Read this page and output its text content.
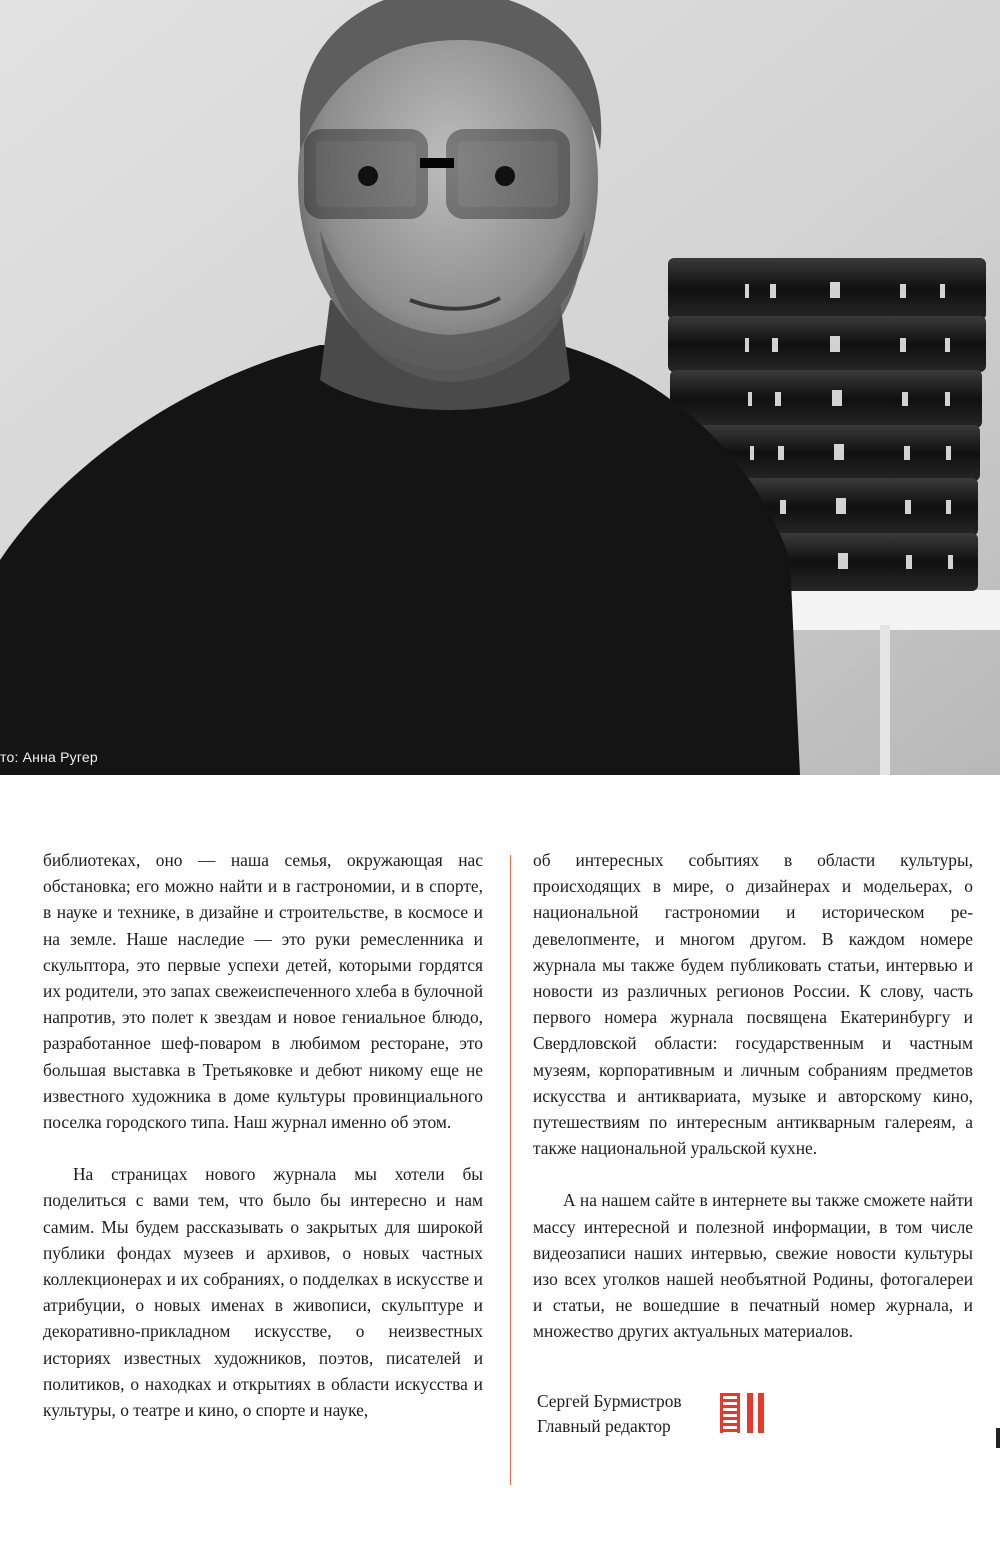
то: Анна Ругер

библиотеках, оно — наша семья, окружающая нас обстановка; его можно найти и в гастрономии, и в спорте, в науке и технике, в дизайне и строительстве, в космосе и на земле. Наше наследие — это руки ремесленника и скульптора, это первые успехи детей, которыми гордятся их родители, это запах свежеиспеченного хлеба в булочной напротив, это полет к звездам и новое гениальное блюдо, разработанное шеф-поваром в любимом ресторане, это большая выставка в Третьяковке и дебют никому еще не известного художника в доме культуры провинциального поселка городского типа. Наш журнал именно об этом.

На страницах нового журнала мы хотели бы поделиться с вами тем, что было бы интересно и нам самим. Мы будем рассказывать о закрытых для широкой публики фондах музеев и архивов, о новых частных коллекционерах и их собраниях, о подделках в искусстве и атрибуции, о новых именах в живописи, скульптуре и декоративно-прикладном искусстве, о неизвестных историях известных художников, поэтов, писателей и политиков, о находках и открытиях в области искусства и культуры, о театре и кино, о спорте и науке,

об интересных событиях в области культуры, происходящих в мире, о дизайнерах и модельерах, о национальной гастрономии и историческом ре-девелопменте, и многом другом. В каждом номере журнала мы также будем публиковать статьи, интервью и новости из различных регионов России. К слову, часть первого номера журнала посвящена Екатеринбургу и Свердловской области: государственным и частным музеям, корпоративным и личным собраниям предметов искусства и антиквариата, музыке и авторскому кино, путешествиям по интересным антикварным галереям, а также национальной уральской кухне.

А на нашем сайте в интернете вы также сможете найти массу интересной и полезной информации, в том числе видеозаписи наших интервью, свежие новости культуры изо всех уголков нашей необъятной Родины, фотогалереи и статьи, не вошедшие в печатный номер журнала, и множество других актуальных материалов.

Сергей Бурмистров
Главный редактор
